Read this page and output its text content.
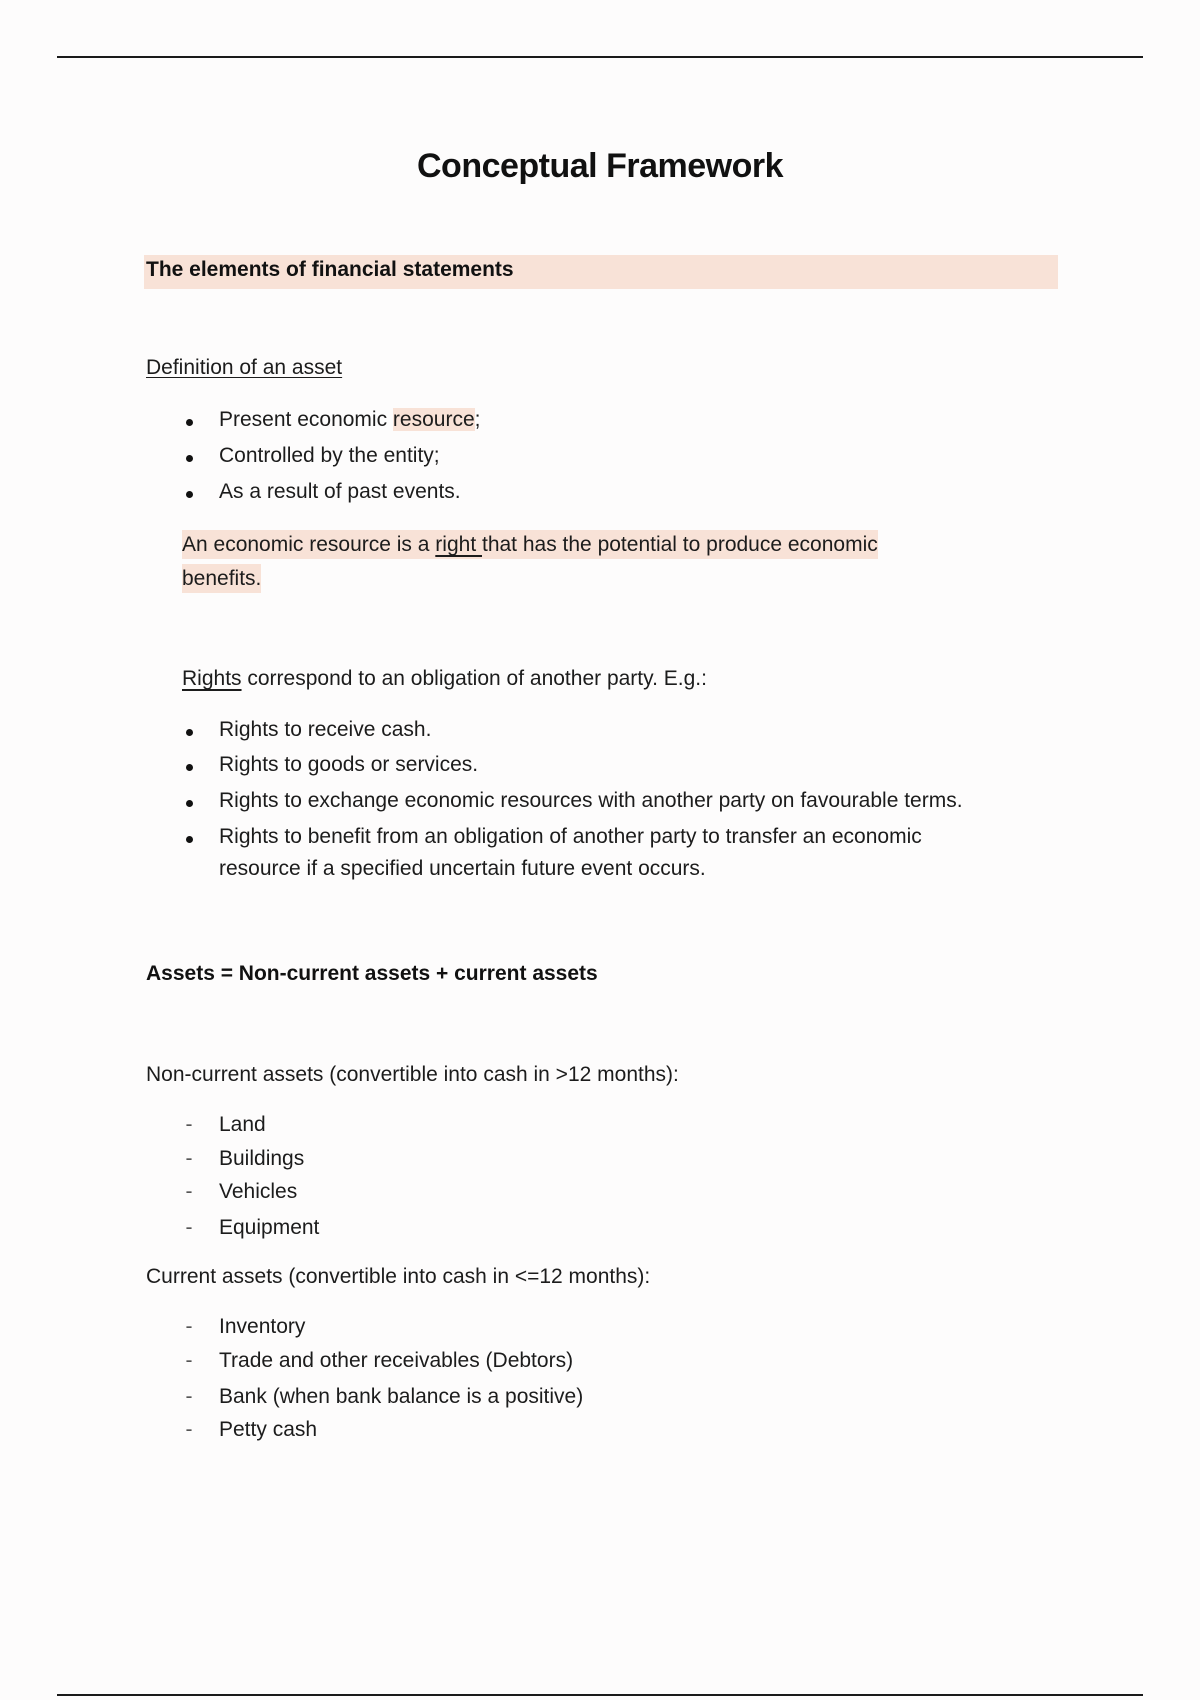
Conceptual Framework
The elements of financial statements
Definition of an asset
Present economic resource;
Controlled by the entity;
As a result of past events.
An economic resource is a right that has the potential to produce economic
benefits.
Rights correspond to an obligation of another party. E.g.:
Rights to receive cash.
Rights to goods or services.
Rights to exchange economic resources with another party on favourable terms.
Rights to benefit from an obligation of another party to transfer an economic
resource if a specified uncertain future event occurs.
Assets = Non-current assets + current assets
Non-current assets (convertible into cash in >12 months):
- Land
- Buildings
- Vehicles
- Equipment
Current assets (convertible into cash in <=12 months):
- Inventory
- Trade and other receivables (Debtors)
- Bank (when bank balance is a positive)
- Petty cash
